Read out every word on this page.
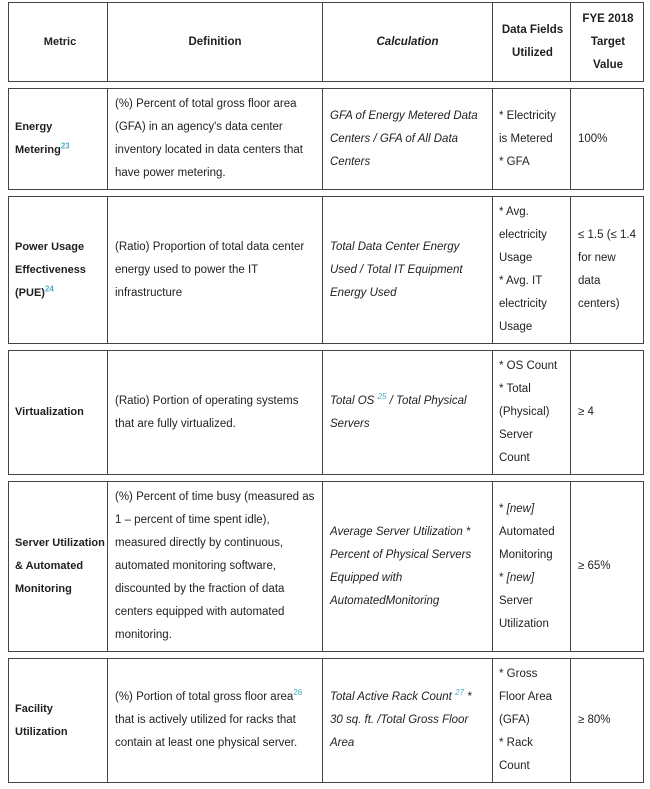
Metric	Definition	Calculation
Data Fields Utilized
FYE 2018 Target Value
Energy
Metering$^{23}$
(%) Percent of total gross floor area (GFA) in an agency's data center inventory located in data centers that have power metering.
GFA of Energy Metered Data Centers / GFA of All Data Centers
* Electricity is Metered
* GFA
100%
Power Usage
Effectiveness
(PUE)$^{24}$
(Ratio) Proportion of total data center energy used to power the IT infrastructure
Total Data Center Energy Used / Total IT Equipment Energy Used
* Avg. electricity Usage
* Avg. IT electricity Usage
≤ 1.5 (≤ 1.4 for new data centers)
Virtualization
(Ratio) Portion of operating systems that are fully virtualized.
Total OS $^{25}$ / Total Physical Servers
* OS Count
* Total (Physical) Server Count
≥ 4
Server Utilization
& Automated
Monitoring
(%) Percent of time busy (measured as 1 – percent of time spent idle), measured directly by continuous, automated monitoring software, discounted by the fraction of data centers equipped with automated monitoring.
Average Server Utilization * Percent of Physical Servers Equipped with AutomatedMonitoring
* [new] Automated Monitoring
* [new] Server Utilization
≥ 65%
Facility
Utilization
(%) Portion of total gross floor area$^{26}$ that is actively utilized for racks that contain at least one physical server.
Total Active Rack Count $^{27}$ * 30 sq. ft. /Total Gross Floor Area
* Gross Floor Area (GFA)
* Rack Count
≥ 80%
